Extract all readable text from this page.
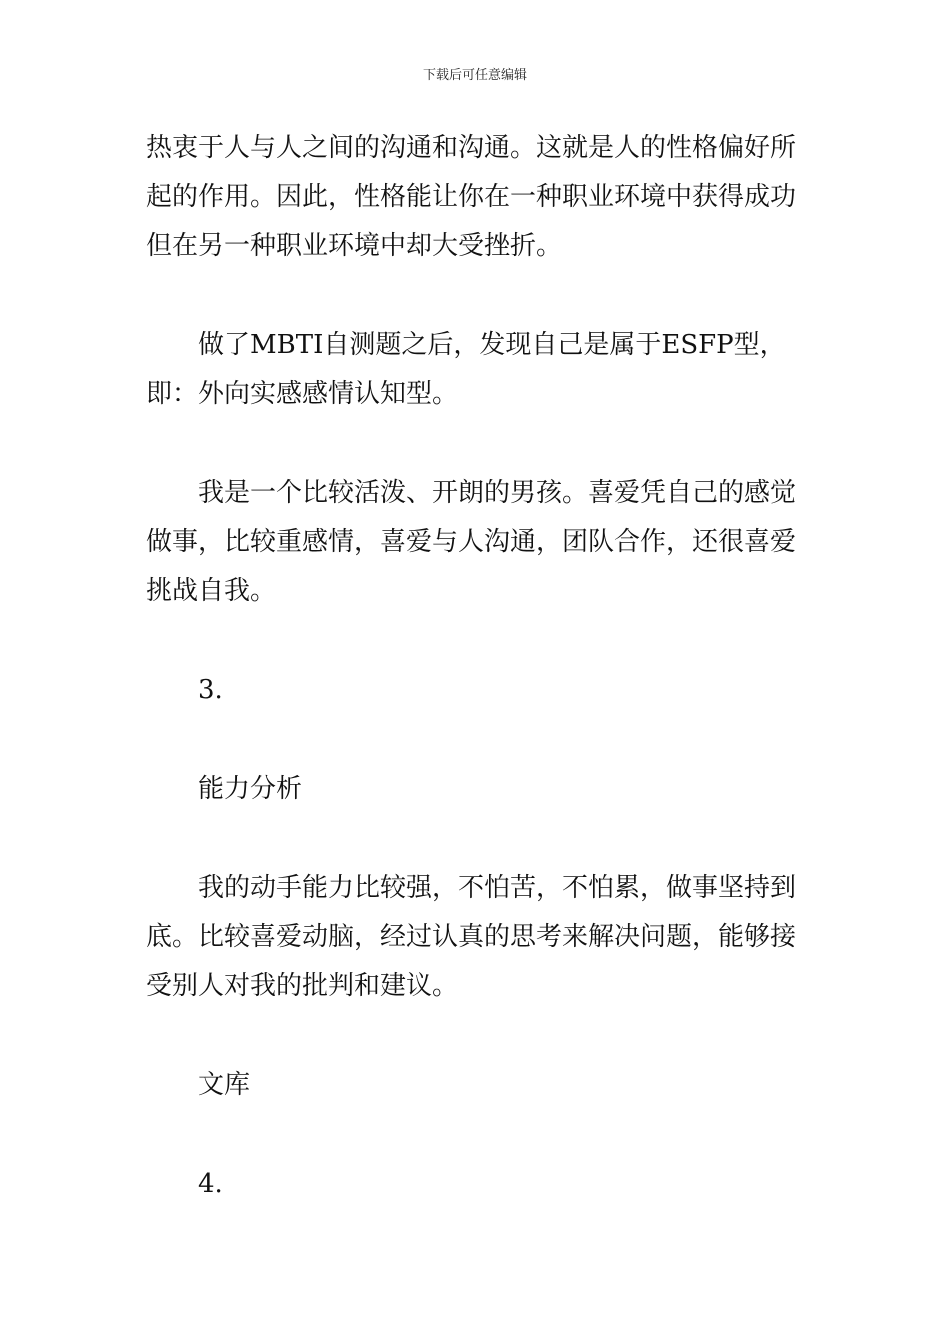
下载后可任意编辑

热衷于人与人之间的沟通和沟通。这就是人的性格偏好所起的作用。因此，性格能让你在一种职业环境中获得成功但在另一种职业环境中却大受挫折。

做了MBTI自测题之后，发现自己是属于ESFP型，即：外向实感感情认知型。

我是一个比较活泼、开朗的男孩。喜爱凭自己的感觉做事，比较重感情，喜爱与人沟通，团队合作，还很喜爱挑战自我。

3.

能力分析

我的动手能力比较强，不怕苦，不怕累，做事坚持到底。比较喜爱动脑，经过认真的思考来解决问题，能够接受别人对我的批判和建议。

文库

4.
